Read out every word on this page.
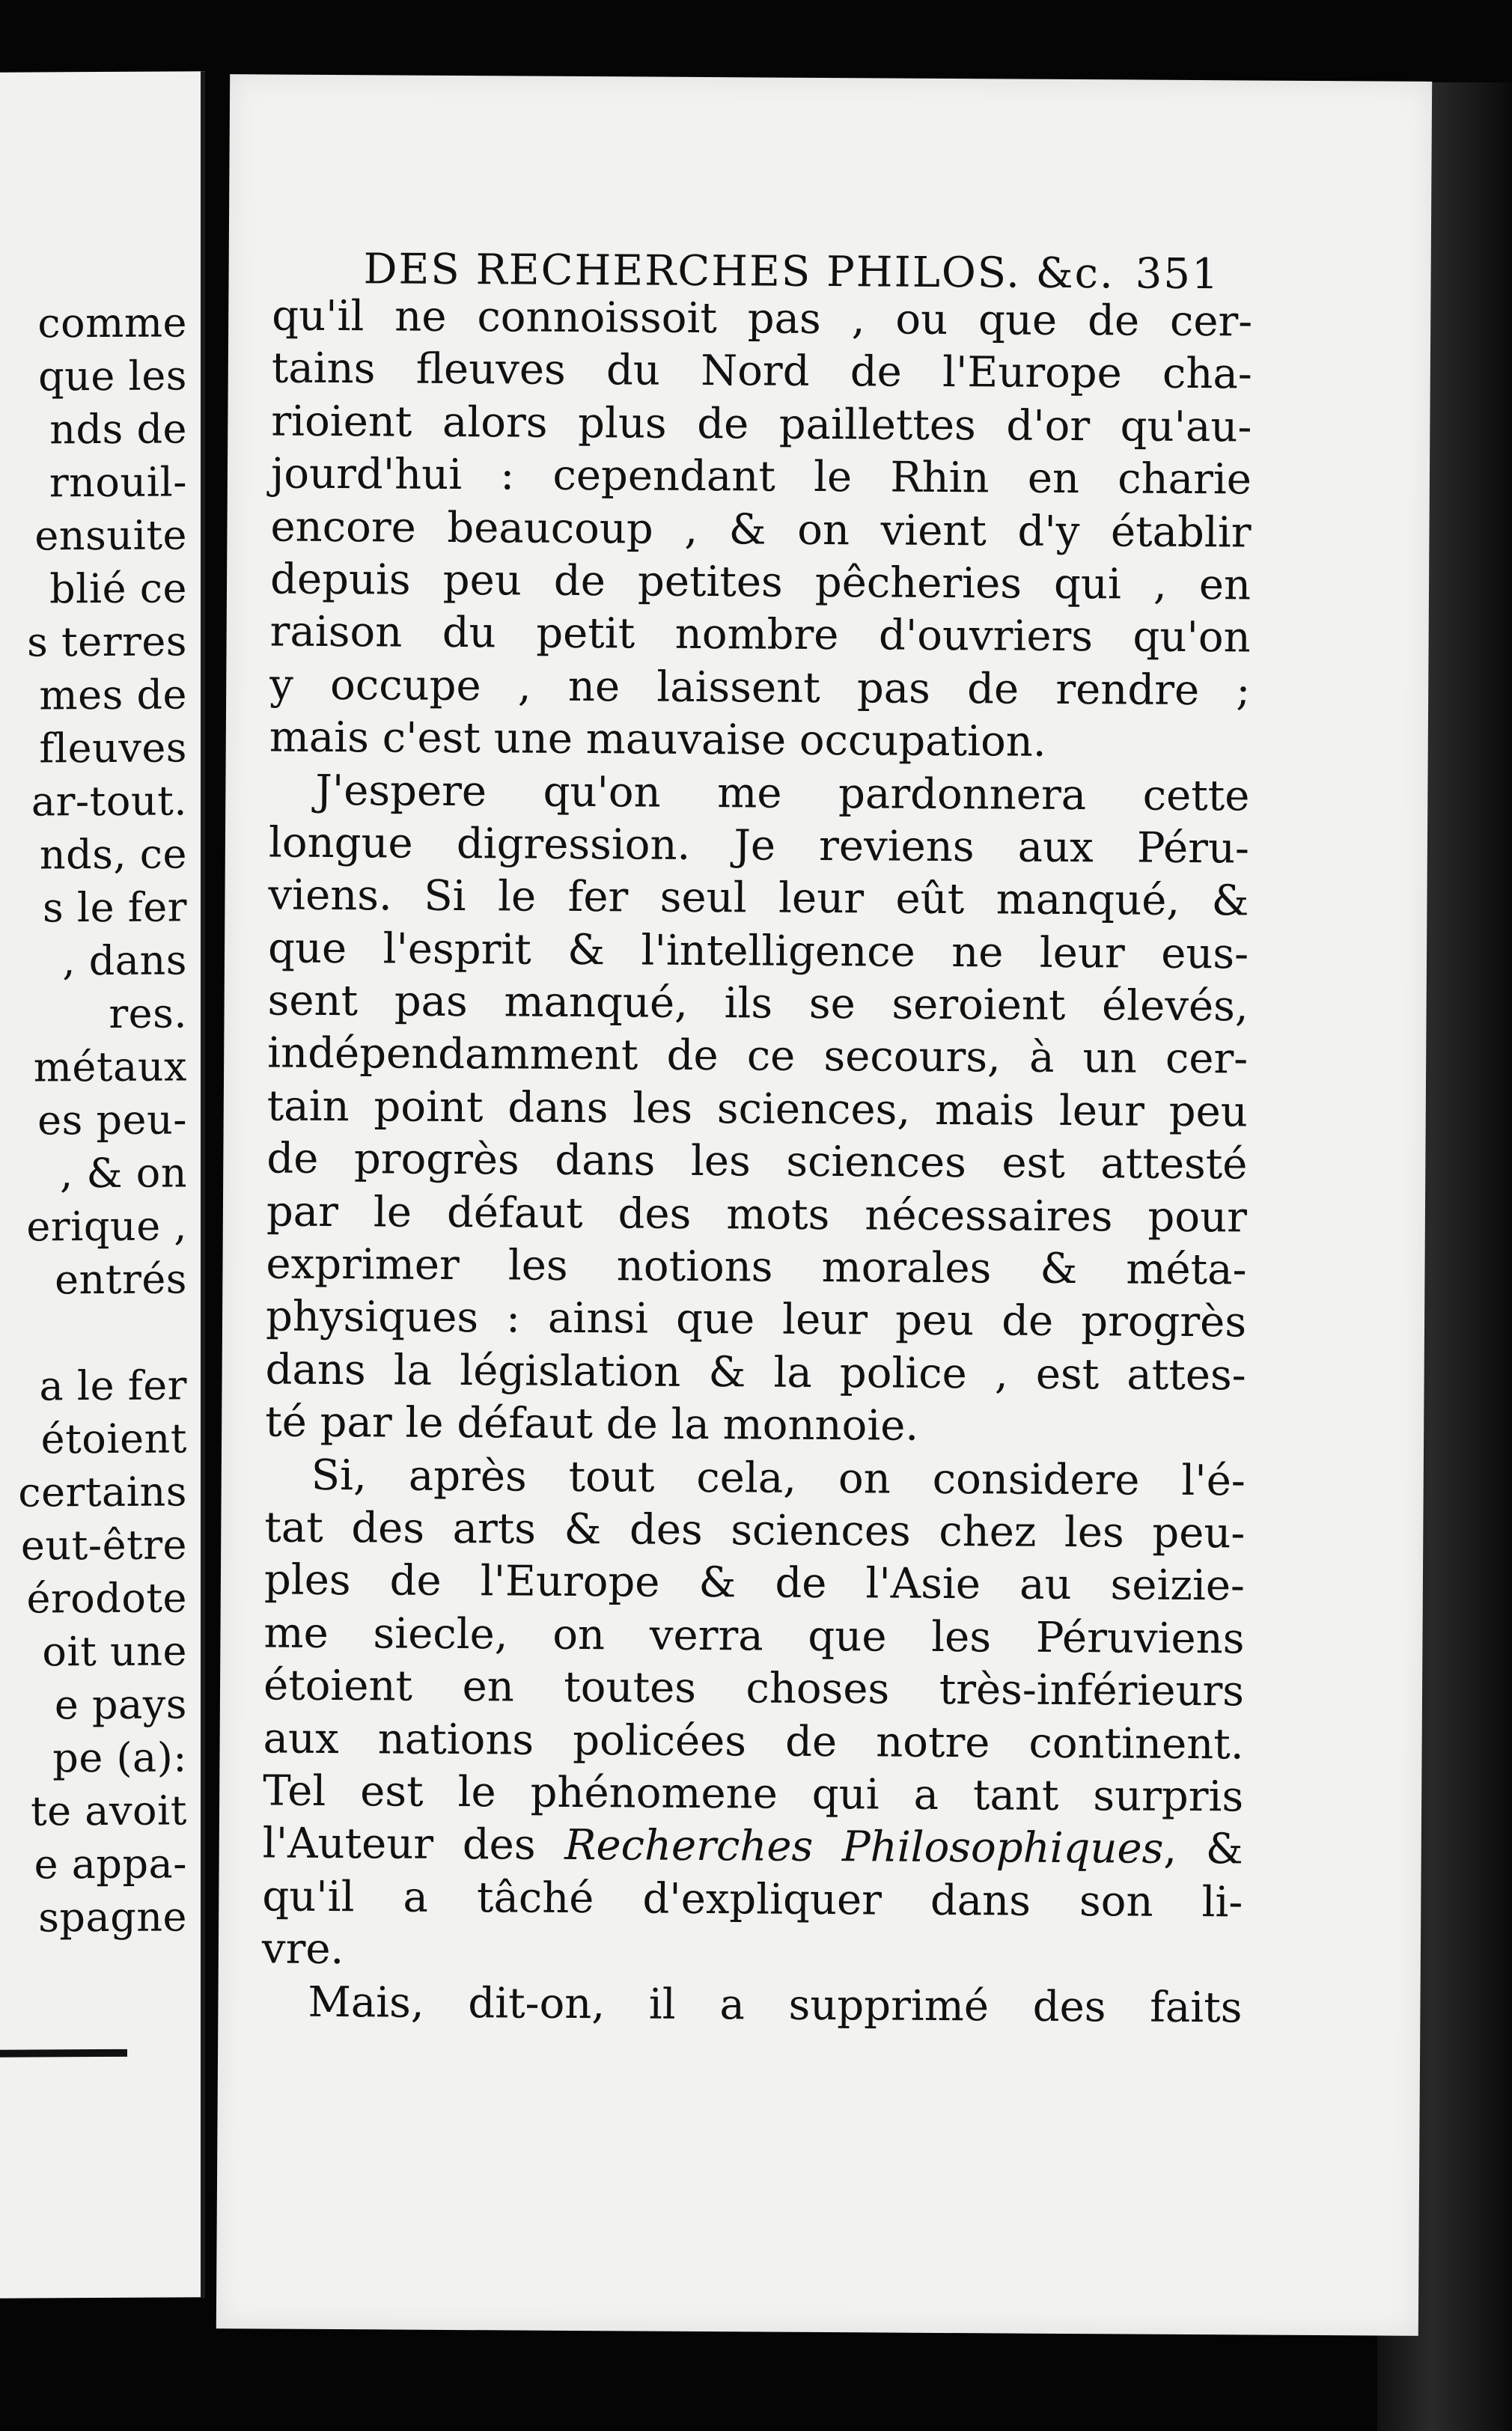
comme
que les
nds de
rnouil-
ensuite
blié ce
s terres
mes de
fleuves
ar-tout.
nds, ce
s le fer
, dans
res.
métaux
es peu-
, & on
erique ,
entrés
a le fer
étoient
certains
eut-être
érodote
oit une
e pays
pe (a):
te avoit
e appa-
spagne
DES RECHERCHES PHILOS. &c. 351
qu'il ne connoissoit pas , ou que de cer-
tains fleuves du Nord de l'Europe cha-
rioient alors plus de paillettes d'or qu'au-
jourd'hui : cependant le Rhin en charie
encore beaucoup , & on vient d'y établir
depuis peu de petites pêcheries qui , en
raison du petit nombre d'ouvriers qu'on
y occupe , ne laissent pas de rendre ;
mais c'est une mauvaise occupation.
J'espere qu'on me pardonnera cette
longue digression. Je reviens aux Péru-
viens. Si le fer seul leur eût manqué, &
que l'esprit & l'intelligence ne leur eus-
sent pas manqué, ils se seroient élevés,
indépendamment de ce secours, à un cer-
tain point dans les sciences, mais leur peu
de progrès dans les sciences est attesté
par le défaut des mots nécessaires pour
exprimer les notions morales & méta-
physiques : ainsi que leur peu de progrès
dans la législation & la police , est attes-
té par le défaut de la monnoie.
Si, après tout cela, on considere l'é-
tat des arts & des sciences chez les peu-
ples de l'Europe & de l'Asie au seizie-
me siecle, on verra que les Péruviens
étoient en toutes choses très-inférieurs
aux nations policées de notre continent.
Tel est le phénomene qui a tant surpris
l'Auteur des Recherches Philosophiques, &
qu'il a tâché d'expliquer dans son li-
vre.
Mais, dit-on, il a supprimé des faits
